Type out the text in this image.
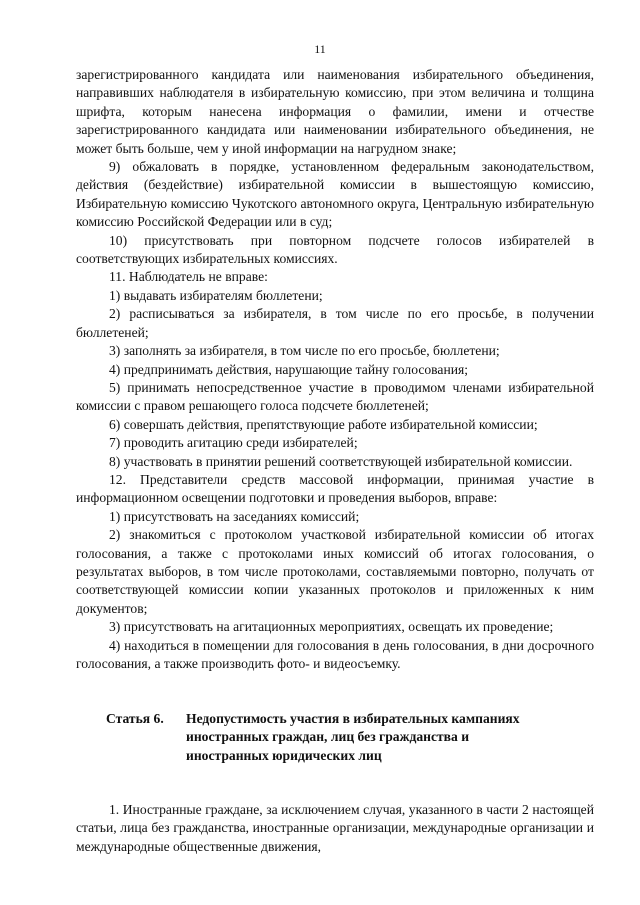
11

зарегистрированного кандидата или наименования избирательного объединения, направивших наблюдателя в избирательную комиссию, при этом величина и толщина шрифта, которым нанесена информация о фамилии, имени и отчестве зарегистрированного кандидата или наименовании избирательного объединения, не может быть больше, чем у иной информации на нагрудном знаке;

9) обжаловать в порядке, установленном федеральным законодательством, действия (бездействие) избирательной комиссии в вышестоящую комиссию, Избирательную комиссию Чукотского автономного округа, Центральную избирательную комиссию Российской Федерации или в суд;

10) присутствовать при повторном подсчете голосов избирателей в соответствующих избирательных комиссиях.

11. Наблюдатель не вправе:

1) выдавать избирателям бюллетени;

2) расписываться за избирателя, в том числе по его просьбе, в получении бюллетеней;

3) заполнять за избирателя, в том числе по его просьбе, бюллетени;

4) предпринимать действия, нарушающие тайну голосования;

5) принимать непосредственное участие в проводимом членами избирательной комиссии с правом решающего голоса подсчете бюллетеней;

6) совершать действия, препятствующие работе избирательной комиссии;

7) проводить агитацию среди избирателей;

8) участвовать в принятии решений соответствующей избирательной комиссии.

12. Представители средств массовой информации, принимая участие в информационном освещении подготовки и проведения выборов, вправе:

1) присутствовать на заседаниях комиссий;

2) знакомиться с протоколом участковой избирательной комиссии об итогах голосования, а также с протоколами иных комиссий об итогах голосования, о результатах выборов, в том числе протоколами, составляемыми повторно, получать от соответствующей комиссии копии указанных протоколов и приложенных к ним документов;

3) присутствовать на агитационных мероприятиях, освещать их проведение;

4) находиться в помещении для голосования в день голосования, в дни досрочного голосования, а также производить фото- и видеосъемку.

Статья 6. Недопустимость участия в избирательных кампаниях
иностранных граждан, лиц без гражданства и
иностранных юридических лиц

1. Иностранные граждане, за исключением случая, указанного в части 2 настоящей статьи, лица без гражданства, иностранные организации, международные организации и международные общественные движения,
